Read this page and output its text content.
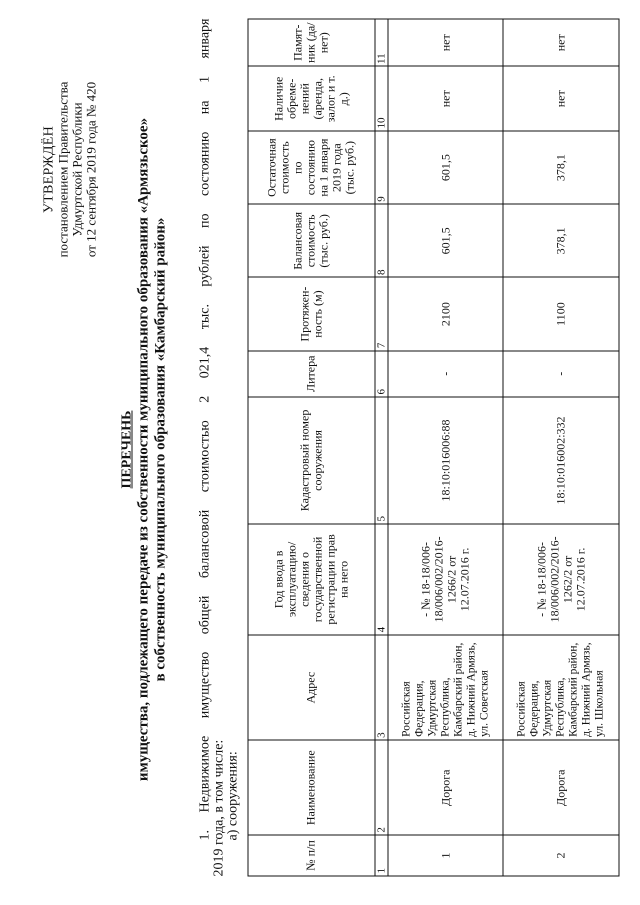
УТВЕРЖДЁН постановлением Правительства Удмуртской Республики от 12 сентября 2019 года № 420
ПЕРЕЧЕНЬ имущества, подлежащего передаче из собственности муниципального образования «Армязьское» в собственность муниципального образования «Камбарский район» 1. Недвижимое имущество общей балансовой стоимостью 2 021,4 тыс. рублей по состоянию на 1 января 2019 года, в том числе: а) сооружения:
№ п/п	Наименование	Адрес	Год ввода в эксплуатацию/ сведения о государственной регистрации прав на него	Кадастровый номер сооружения	Литера	Протяжен- ность (м)	Балансовая стоимость (тыс. руб.)	Остаточная стоимость по состоянию на 1 января 2019 года (тыс. руб.)	Наличие обреме- нений (аренда, залог и т. д.)	Памят- ник (да/ нет)
1	2	3	4	5	6	7	8	9	10	11
1	Дорога	Российская Федерация, Удмуртская Республика, Камбарский район, д. Нижний Армязь, ул. Советская	- № 18-18/006- 18/006/002/2016- 1266/2 от 12.07.2016 г.	18:10:016006:88	-	2100	601,5	601,5	нет	нет
2	Дорога	Российская Федерация, Удмуртская Республика, Камбарский район, д. Нижний Армязь, ул. Школьная	- № 18-18/006- 18/006/002/2016- 1262/2 от 12.07.2016 г.	18:10:016002:332	-	1100	378,1	378,1	нет	нет
